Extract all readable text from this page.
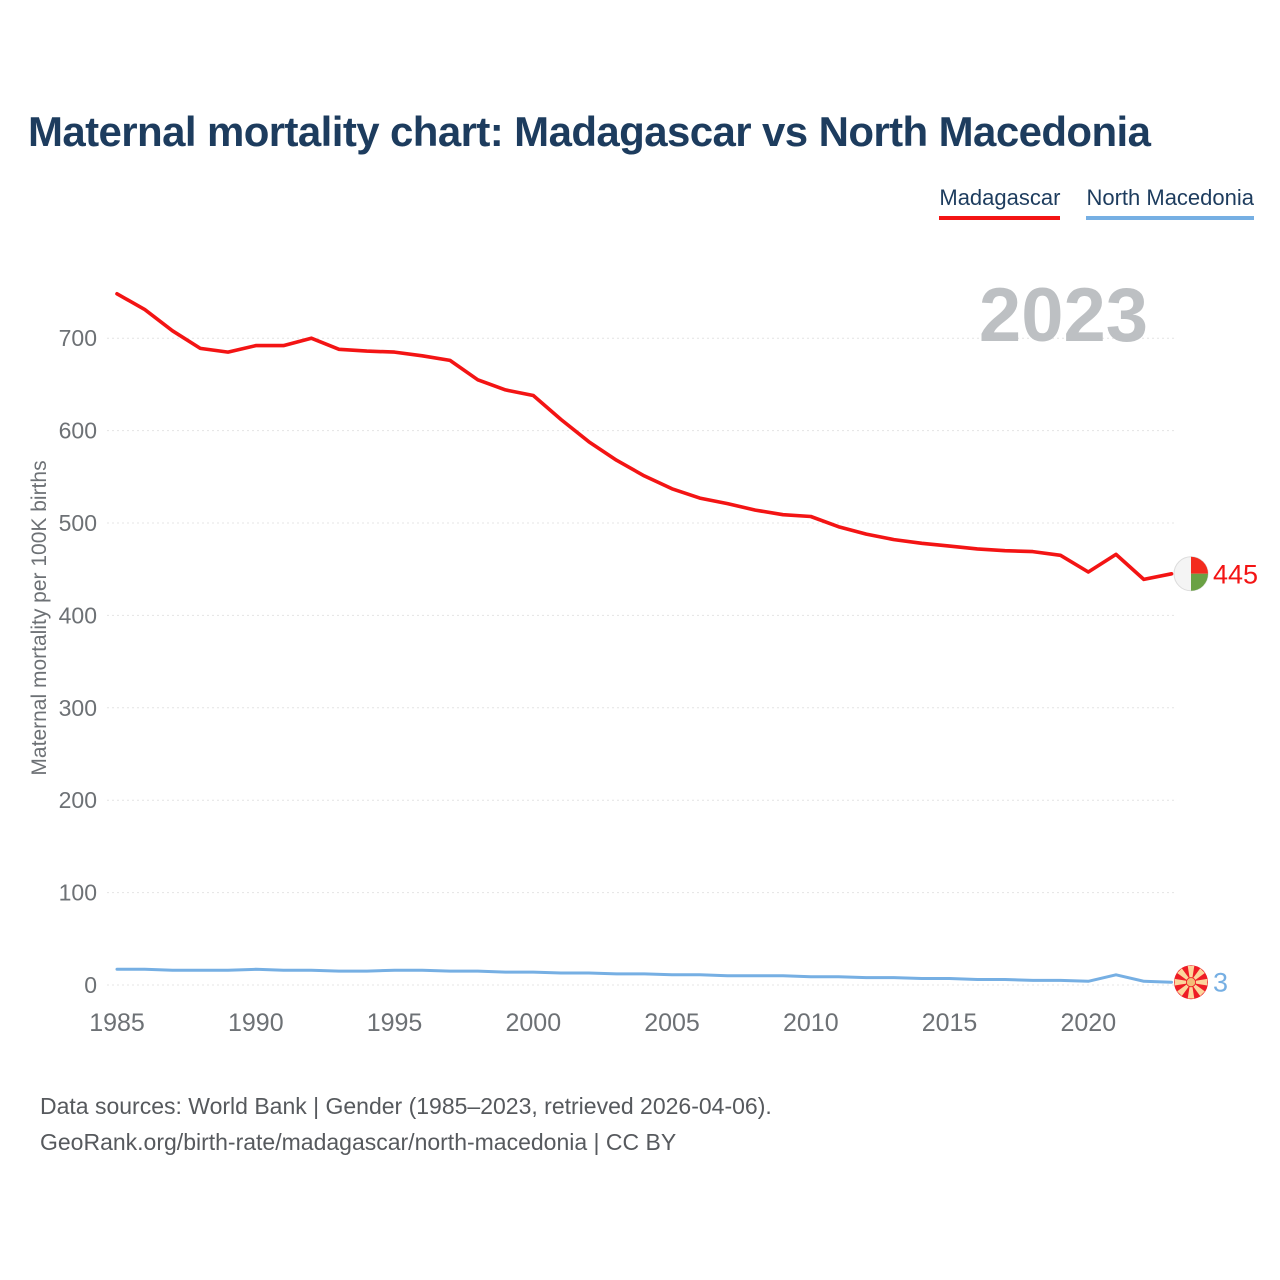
Maternal mortality chart: Madagascar vs North Macedonia
Madagascar North Macedonia
0
100
200
300
400
500
600
700
1985	1990	1995	2000	2005	2010	2015	2020
2023
Maternal mortality per 100K births	445
3
Data sources: World Bank | Gender (1985–2023, retrieved 2026-04-06).
GeoRank.org/birth-rate/madagascar/north-macedonia | CC BY
